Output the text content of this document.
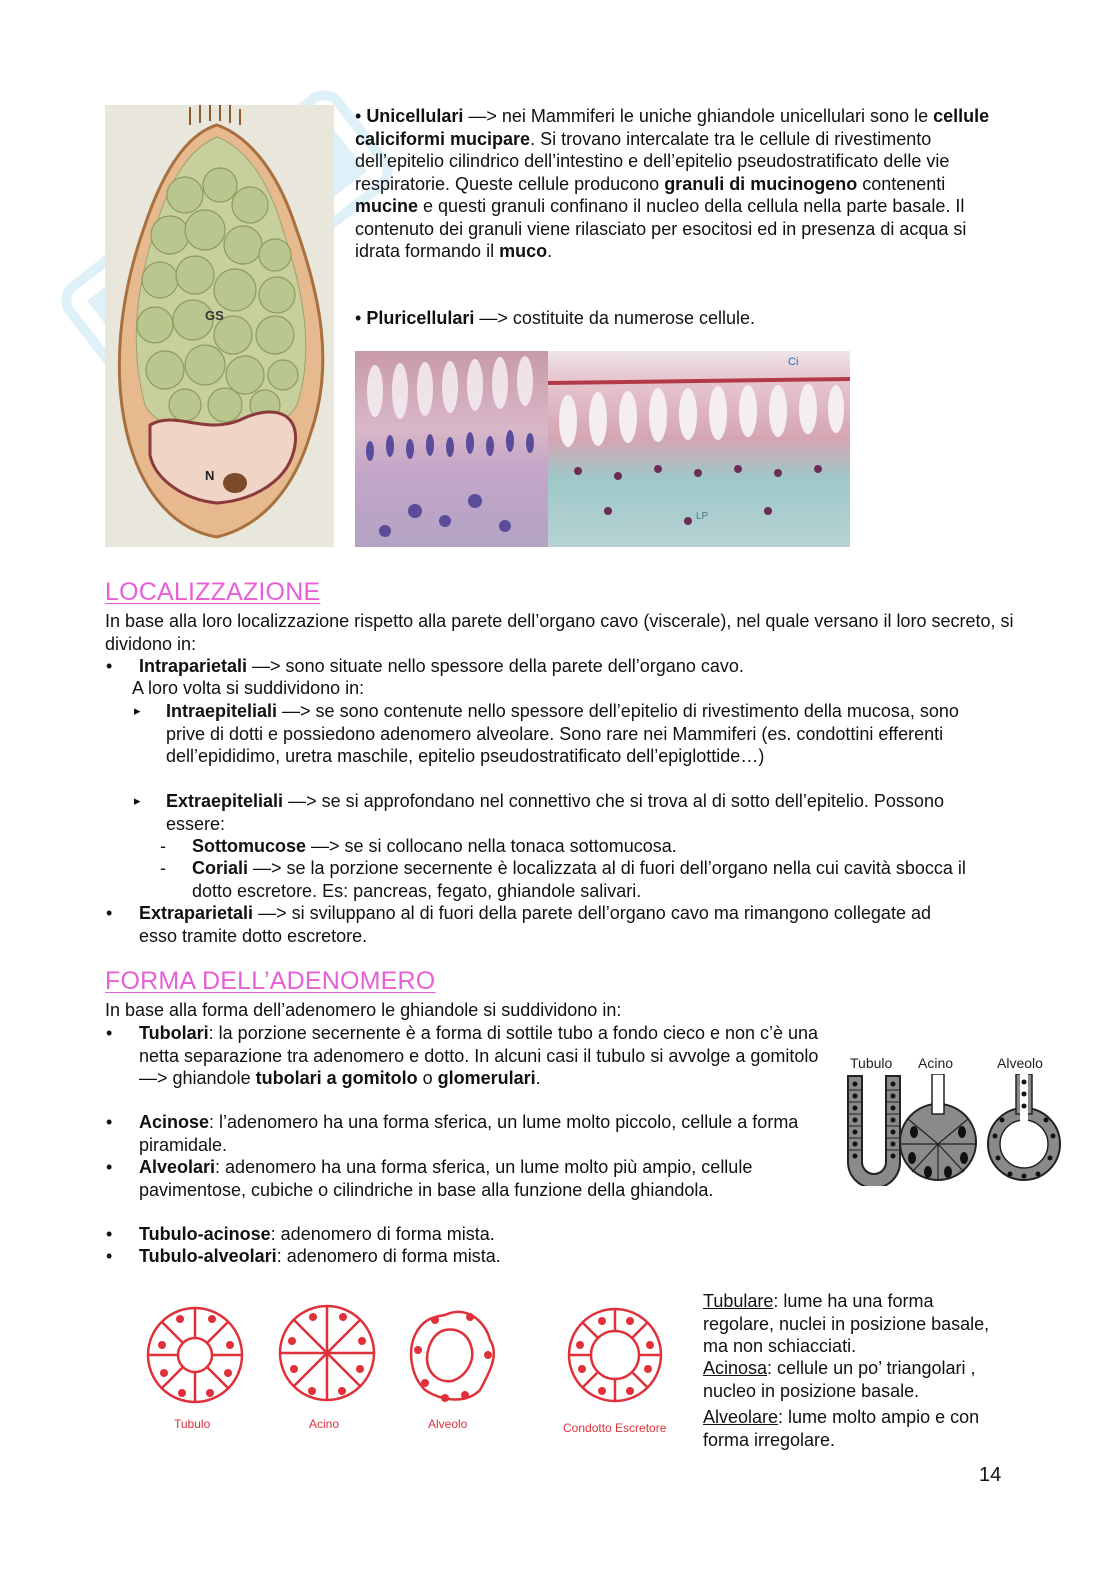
GS
N
• Unicellulari —> nei Mammiferi le uniche ghiandole unicellulari sono le cellule caliciformi mucipare. Si trovano intercalate tra le cellule di rivestimento dell’epitelio cilindrico dell’intestino e dell’epitelio pseudostratificato delle vie respiratorie. Queste cellule producono granuli di mucinogeno contenenti mucine e questi granuli confinano il nucleo della cellula nella parte basale. Il contenuto dei granuli viene rilasciato per esocitosi ed in presenza di acqua si idrata formando il muco.
• Pluricellulari —> costituite da numerose cellule.
Ci
LP
LOCALIZZAZIONE
In base alla loro localizzazione rispetto alla parete dell’organo cavo (viscerale), nel quale versano il loro secreto, si dividono in:
• Intraparietali —> sono situate nello spessore della parete dell’organo cavo.
A loro volta si suddividono in:
▸ Intraepiteliali —> se sono contenute nello spessore dell’epitelio di rivestimento della mucosa, sono prive di dotti e possiedono adenomero alveolare. Sono rare nei Mammiferi (es. condottini efferenti dell’epididimo, uretra maschile, epitelio pseudostratificato dell’epiglottide…)
▸ Extraepiteliali —> se si approfondano nel connettivo che si trova al di sotto dell’epitelio. Possono essere:
- Sottomucose —> se si collocano nella tonaca sottomucosa.
- Coriali —> se la porzione secernente è localizzata al di fuori dell’organo nella cui cavità sbocca il dotto escretore. Es: pancreas, fegato, ghiandole salivari.
• Extraparietali —> si sviluppano al di fuori della parete dell’organo cavo ma rimangono collegate ad esso tramite dotto escretore.
FORMA DELL’ADENOMERO
In base alla forma dell’adenomero le ghiandole si suddividono in:
• Tubolari: la porzione secernente è a forma di sottile tubo a fondo cieco e non c’è una netta separazione tra adenomero e dotto. In alcuni casi il tubulo si avvolge a gomitolo —> ghiandole tubolari a gomitolo o glomerulari.
• Acinose: l’adenomero ha una forma sferica, un lume molto piccolo, cellule a forma piramidale.
• Alveolari: adenomero ha una forma sferica, un lume molto più ampio, cellule pavimentose, cubiche o cilindriche in base alla funzione della ghiandola.
• Tubulo-acinose: adenomero di forma mista.
• Tubulo-alveolari: adenomero di forma mista.
Tubulo Acino	Alveolo
Tubulo	Acino	Alveolo	Condotto Escretore
Tubulare: lume ha una forma regolare, nuclei in posizione basale, ma non schiacciati.
Acinosa: cellule un po’ triangolari , nucleo in posizione basale.
Alveolare: lume molto ampio e con forma irregolare.
14
